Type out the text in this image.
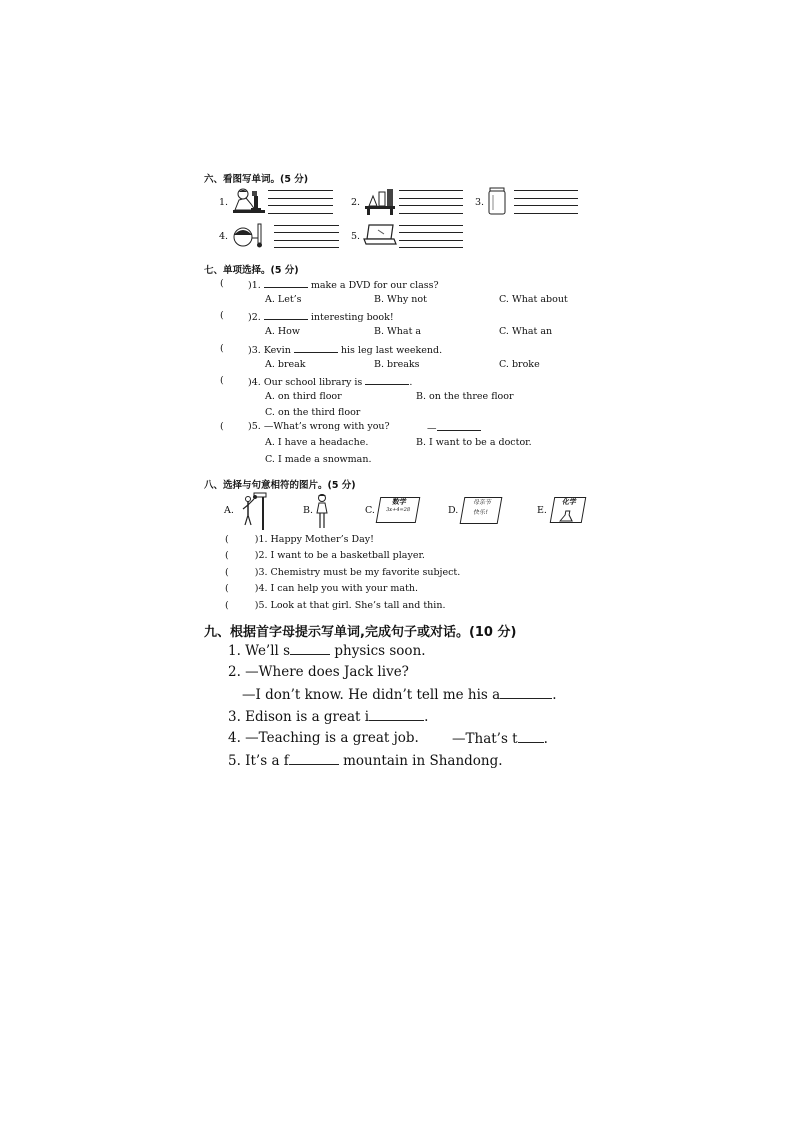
六、看图写单词。(5 分)
1.	2.	3.
4.	5.
七、单项选择。(5 分)
(	)1.	make a DVD for our class?
A. Let’s	B. Why not	C. What about
(	)2.	interesting book!
A. How	B. What a	C. What an
(	)3. Kevin	his leg last weekend.
A. break	B. breaks	C. broke
(	)4. Our school library is	.
A. on third floor	B. on the three floor
C. on the third floor
(	)5. —What’s wrong with you?	—
A. I have a headache.	B. I want to be a doctor.
C. I made a snowman.
八、选择与句意相符的图片。(5 分)
A.	B.	C.
数学
3x+4=28	D.
母亲节
快乐!	E.
化学
(	)1. Happy Mother’s Day!
(	)2. I want to be a basketball player.
(	)3. Chemistry must be my favorite subject.
(	)4. I can help you with your math.
(	)5. Look at that girl. She’s tall and thin.
九、根据首字母提示写单词,完成句子或对话。(10 分)
1. We’ll s	physics soon.
2. —Where does Jack live?
—I don’t know. He didn’t tell me his a	.
3. Edison is a great i	.
4. —Teaching is a great job. —That’s t .
5. It’s a f	mountain in Shandong.
